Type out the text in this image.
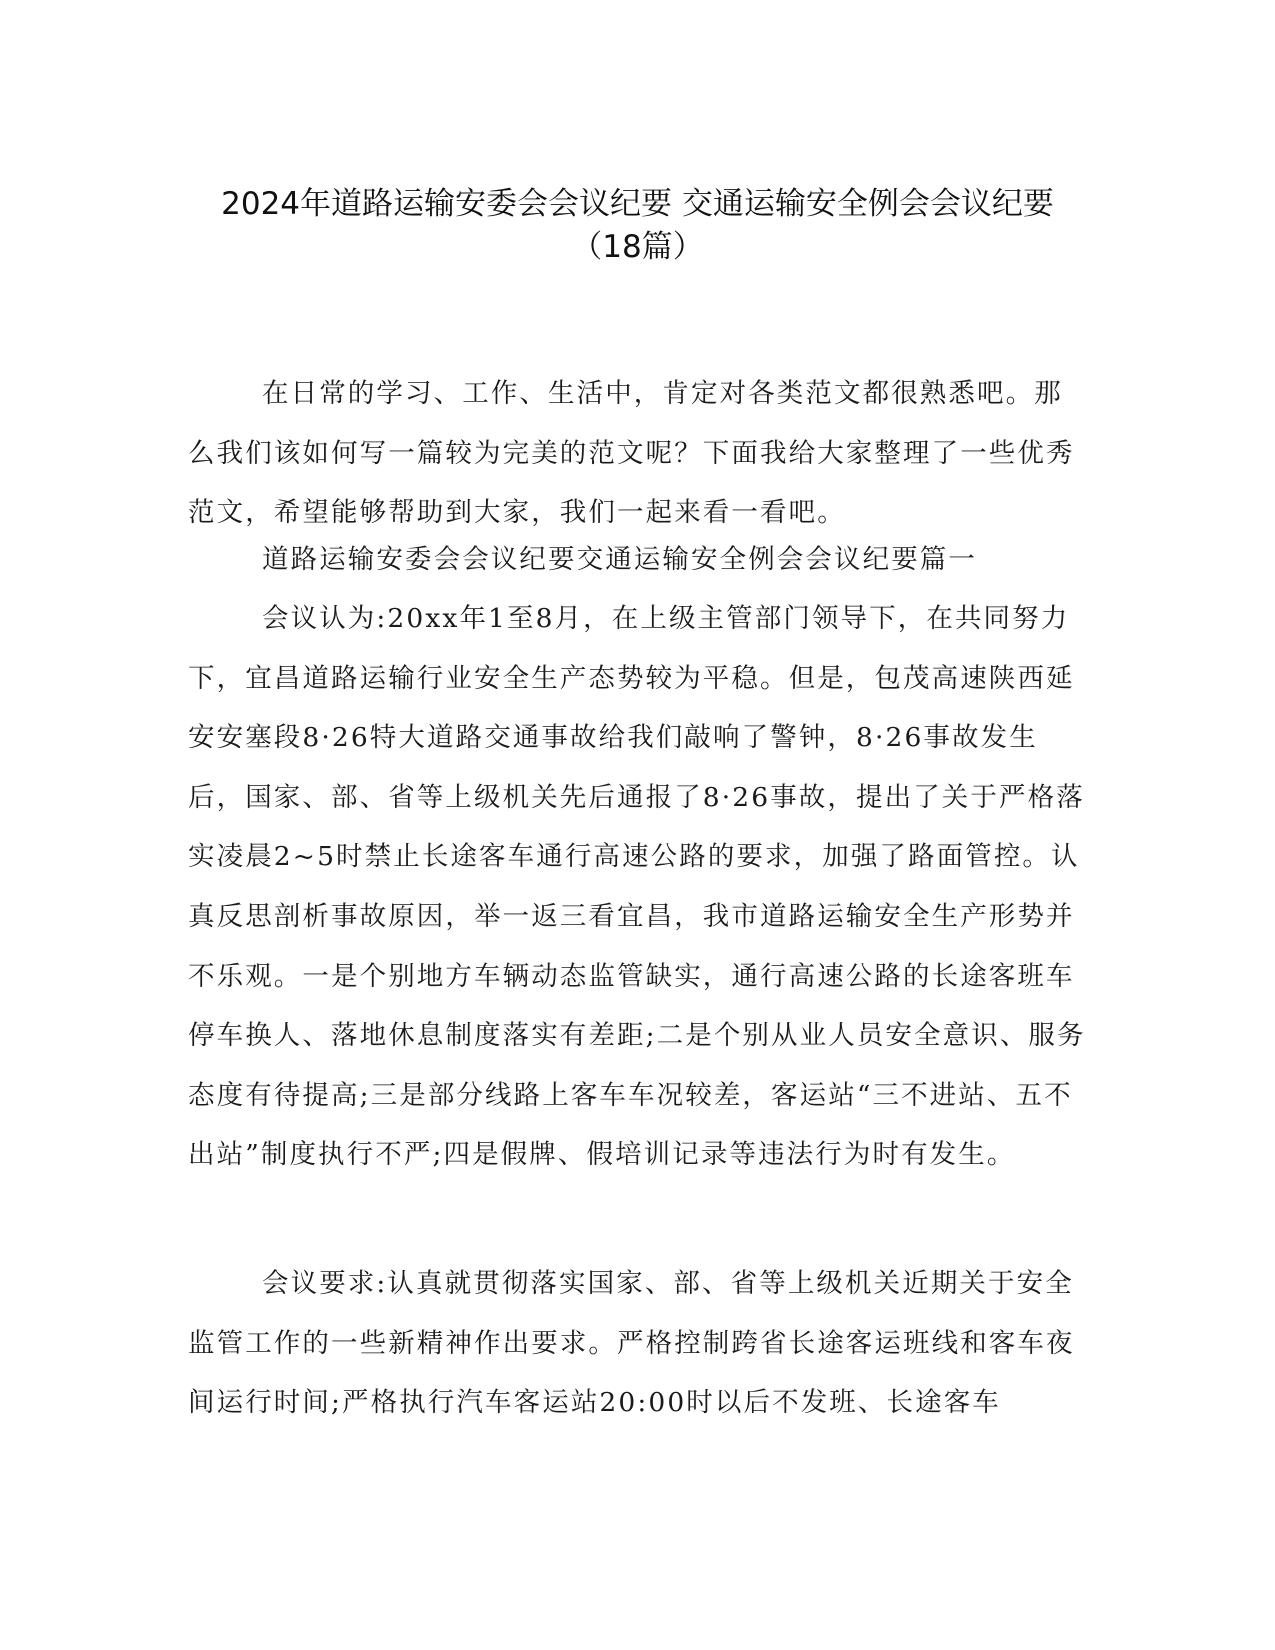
2024年道路运输安委会会议纪要 交通运输安全例会会议纪要
（18篇）

在日常的学习、工作、生活中，肯定对各类范文都很熟悉吧。那么我们该如何写一篇较为完美的范文呢？下面我给大家整理了一些优秀范文，希望能够帮助到大家，我们一起来看一看吧。

道路运输安委会会议纪要交通运输安全例会会议纪要篇一

会议认为:20xx年1至8月，在上级主管部门领导下，在共同努力下，宜昌道路运输行业安全生产态势较为平稳。但是，包茂高速陕西延安安塞段8·26特大道路交通事故给我们敲响了警钟，8·26事故发生后，国家、部、省等上级机关先后通报了8·26事故，提出了关于严格落实凌晨2~5时禁止长途客车通行高速公路的要求，加强了路面管控。认真反思剖析事故原因，举一返三看宜昌，我市道路运输安全生产形势并不乐观。一是个别地方车辆动态监管缺实，通行高速公路的长途客班车停车换人、落地休息制度落实有差距;二是个别从业人员安全意识、服务态度有待提高;三是部分线路上客车车况较差，客运站“三不进站、五不出站”制度执行不严;四是假牌、假培训记录等违法行为时有发生。

会议要求:认真就贯彻落实国家、部、省等上级机关近期关于安全监管工作的一些新精神作出要求。严格控制跨省长途客运班线和客车夜间运行时间;严格执行汽车客运站20:00时以后不发班、长途客车
